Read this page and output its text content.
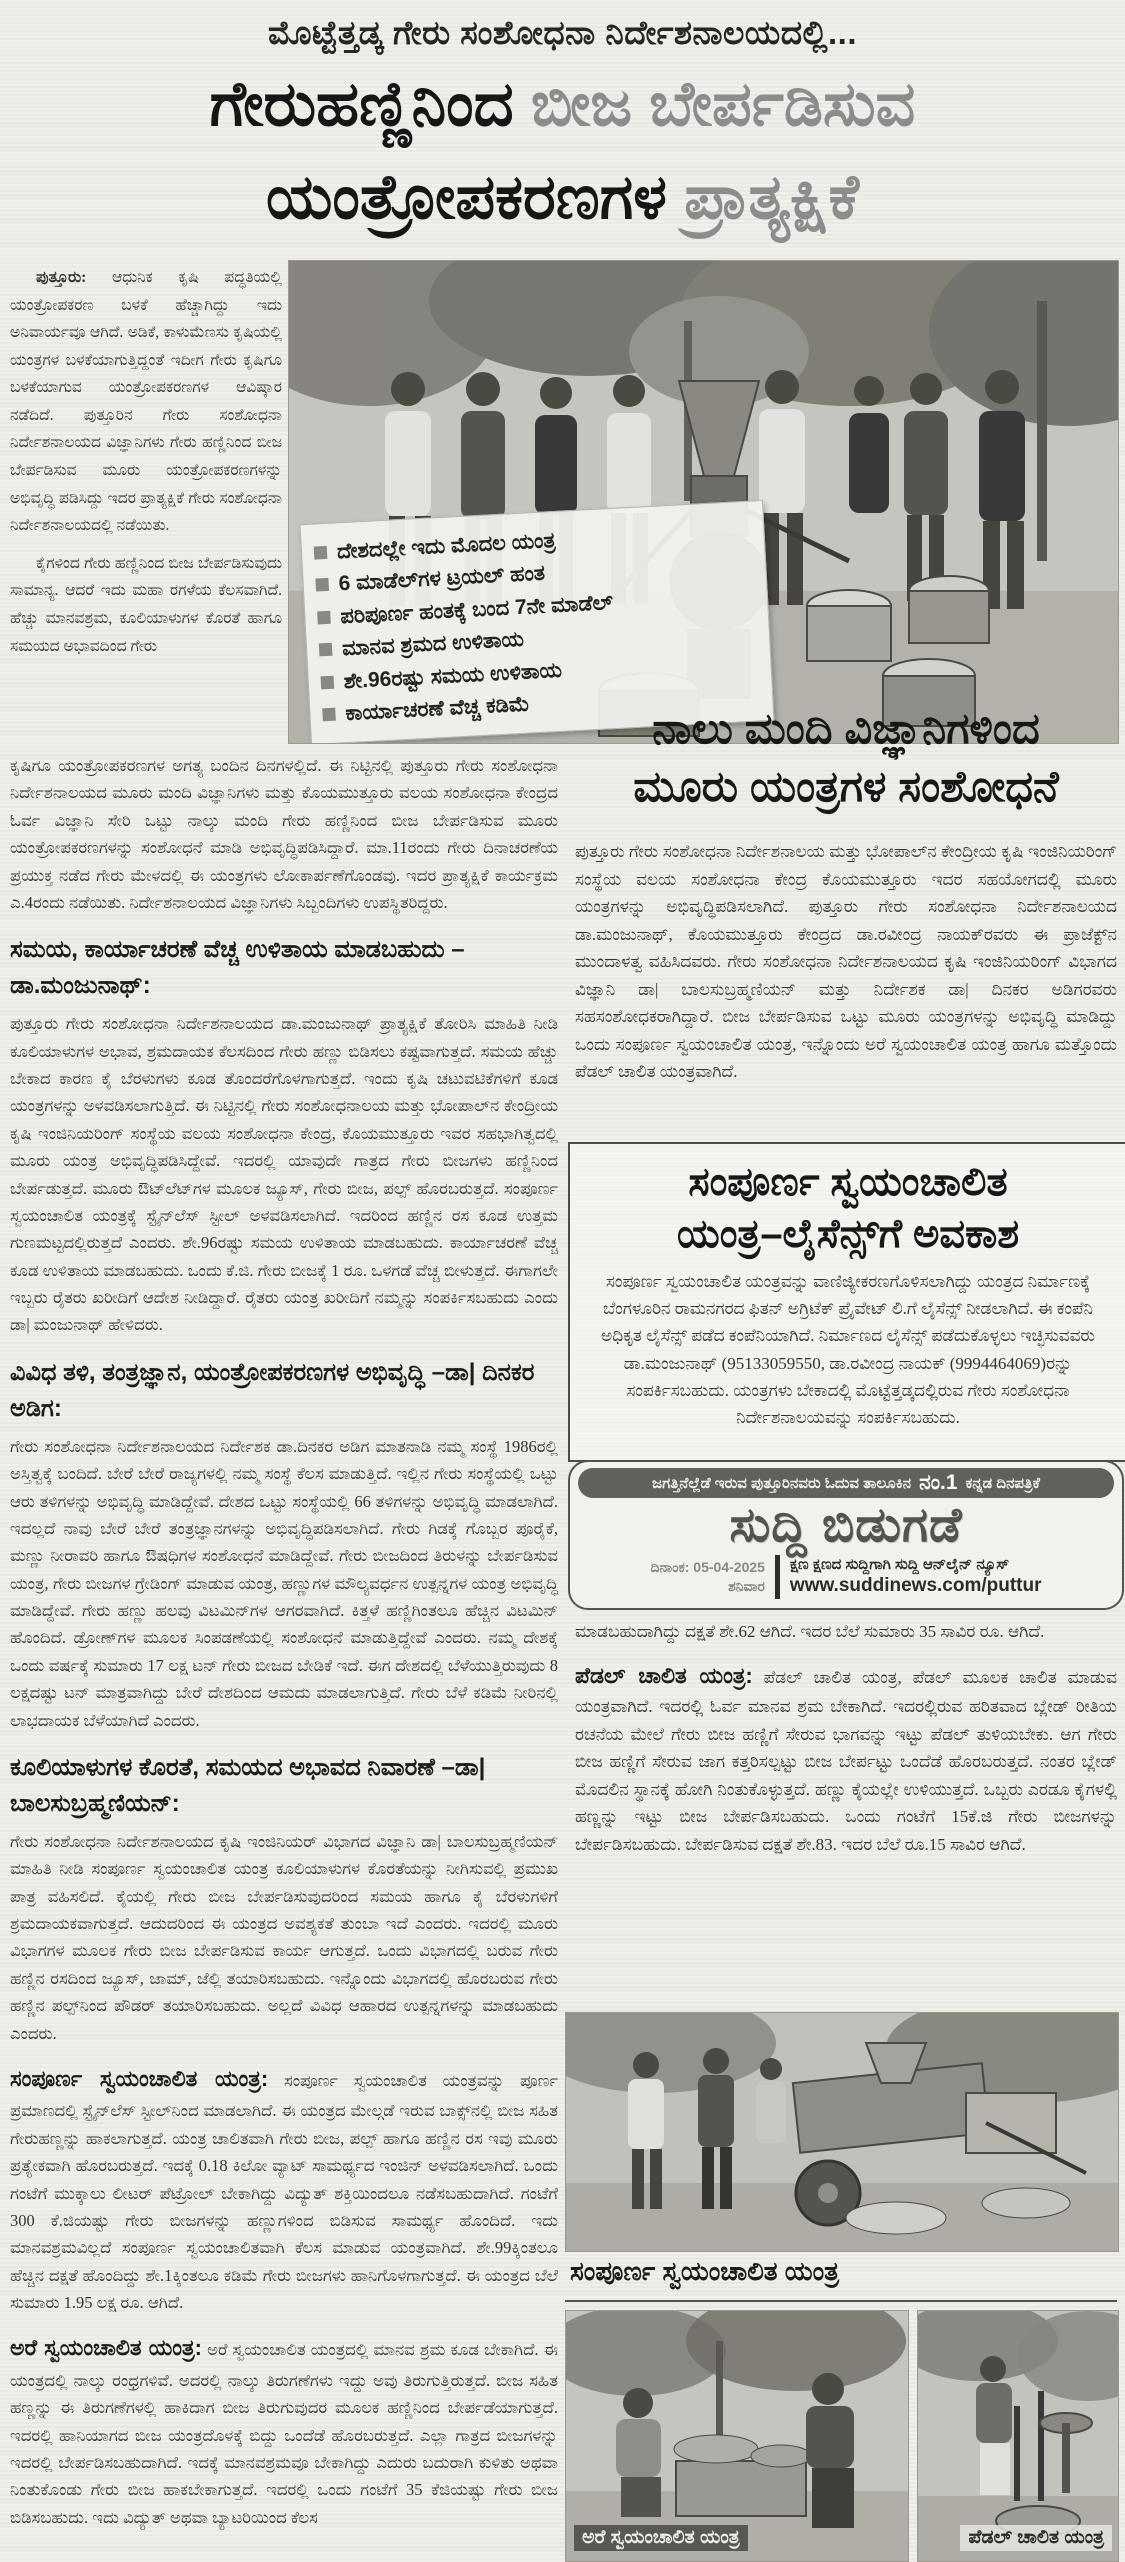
ಮೊಟ್ಟೆತ್ತಡ್ಕ ಗೇರು ಸಂಶೋಧನಾ ನಿರ್ದೇಶನಾಲಯದಲ್ಲಿ...
ಗೇರುಹಣ್ಣಿನಿಂದ ಬೀಜ ಬೇರ್ಪಡಿಸುವ
ಯಂತ್ರೋಪಕರಣಗಳ ಪ್ರಾತ್ಯಕ್ಷಿಕೆ

ಪುತ್ತೂರು: ಆಧುನಿಕ ಕೃಷಿ ಪದ್ಧತಿಯಲ್ಲಿ ಯಂತ್ರೋಪಕರಣ ಬಳಕೆ ಹೆಚ್ಚಾಗಿದ್ದು ಇದು ಅನಿವಾರ್ಯವೂ ಆಗಿದೆ. ಅಡಿಕೆ, ಕಾಳುಮೆಣಸು ಕೃಷಿಯಲ್ಲಿ ಯಂತ್ರಗಳ ಬಳಕೆಯಾಗುತ್ತಿದ್ದಂತೆ ಇದೀಗ ಗೇರು ಕೃಷಿಗೂ ಬಳಕೆಯಾಗುವ ಯಂತ್ರೋಪಕರಣಗಳ ಆವಿಷ್ಕಾರ ನಡೆದಿದೆ. ಪುತ್ತೂರಿನ ಗೇರು ಸಂಶೋಧನಾ ನಿರ್ದೇಶನಾಲಯದ ವಿಜ್ಞಾನಿಗಳು ಗೇರು ಹಣ್ಣಿನಿಂದ ಬೀಜ ಬೇರ್ಪಡಿಸುವ ಮೂರು ಯಂತ್ರೋಪಕರಣಗಳನ್ನು ಅಭಿವೃದ್ಧಿ ಪಡಿಸಿದ್ದು ಇದರ ಪ್ರಾತ್ಯಕ್ಷಿಕೆ ಗೇರು ಸಂಶೋಧನಾ ನಿರ್ದೇಶನಾಲಯದಲ್ಲಿ ನಡೆಯಿತು.

ಕೈಗಳಿಂದ ಗೇರು ಹಣ್ಣಿನಿಂದ ಬೀಜ ಬೇರ್ಪಡಿಸುವುದು ಸಾಮಾನ್ಯ. ಆದರೆ ಇದು ಮಹಾ ರಗಳೆಯ ಕೆಲಸವಾಗಿದೆ. ಹೆಚ್ಚು ಮಾನವಶ್ರಮ, ಕೂಲಿಯಾಳುಗಳ ಕೊರತೆ ಹಾಗೂ ಸಮಯದ ಅಭಾವದಿಂದ ಗೇರು

ದೇಶದಲ್ಲೇ ಇದು ಮೊದಲ ಯಂತ್ರ
6 ಮಾಡೆಲ್‌ಗಳ ಟ್ರಯಲ್ ಹಂತ
ಪರಿಪೂರ್ಣ ಹಂತಕ್ಕೆ ಬಂದ 7ನೇ ಮಾಡೆಲ್
ಮಾನವ ಶ್ರಮದ ಉಳಿತಾಯ
ಶೇ.96ರಷ್ಟು ಸಮಯ ಉಳಿತಾಯ
ಕಾರ್ಯಾಚರಣೆ ವೆಚ್ಚ ಕಡಿಮೆ

ಕೃಷಿಗೂ ಯಂತ್ರೋಪಕರಣಗಳ ಅಗತ್ಯ ಬಂದಿನ ದಿನಗಳಲ್ಲಿದೆ. ಈ ನಿಟ್ಟಿನಲ್ಲಿ ಪುತ್ತೂರು ಗೇರು ಸಂಶೋಧನಾ ನಿರ್ದೇಶನಾಲಯದ ಮೂರು ಮಂದಿ ವಿಜ್ಞಾನಿಗಳು ಮತ್ತು ಕೊಯಮುತ್ತೂರು ವಲಯ ಸಂಶೋಧನಾ ಕೇಂದ್ರದ ಓರ್ವ ವಿಜ್ಞಾನಿ ಸೇರಿ ಒಟ್ಟು ನಾಲ್ಕು ಮಂದಿ ಗೇರು ಹಣ್ಣಿನಿಂದ ಬೀಜ ಬೇರ್ಪಡಿಸುವ ಮೂರು ಯಂತ್ರೋಪಕರಣಗಳನ್ನು ಸಂಶೋಧನೆ ಮಾಡಿ ಅಭಿವೃದ್ಧಿಪಡಿಸಿದ್ದಾರೆ. ಮಾ.11ರಂದು ಗೇರು ದಿನಾಚರಣೆಯ ಪ್ರಯುಕ್ತ ನಡೆದ ಗೇರು ಮೇಳದಲ್ಲಿ ಈ ಯಂತ್ರಗಳು ಲೋಕಾರ್ಪಣೆಗೊಂಡವು. ಇದರ ಪ್ರಾತ್ಯಕ್ಷಿಕೆ ಕಾರ್ಯಕ್ರಮ ಎ.4ರಂದು ನಡೆಯಿತು. ನಿರ್ದೇಶನಾಲಯದ ವಿಜ್ಞಾನಿಗಳು ಸಿಬ್ಬಂದಿಗಳು ಉಪಸ್ಥಿತರಿದ್ದರು.

ಸಮಯ, ಕಾರ್ಯಾಚರಣೆ ವೆಚ್ಚ ಉಳಿತಾಯ ಮಾಡಬಹುದು –ಡಾ.ಮಂಜುನಾಥ್:

ಪುತ್ತೂರು ಗೇರು ಸಂಶೋಧನಾ ನಿರ್ದೇಶನಾಲಯದ ಡಾ.ಮಂಜುನಾಥ್ ಪ್ರಾತ್ಯಕ್ಷಿಕೆ ತೋರಿಸಿ ಮಾಹಿತಿ ನೀಡಿ ಕೂಲಿಯಾಳುಗಳ ಅಭಾವ, ಶ್ರಮದಾಯಕ ಕೆಲಸದಿಂದ ಗೇರು ಹಣ್ಣು ಬಿಡಿಸಲು ಕಷ್ಟವಾಗುತ್ತದೆ. ಸಮಯ ಹೆಚ್ಚು ಬೇಕಾದ ಕಾರಣ ಕೈ ಬೆರಳುಗಳು ಕೂಡ ತೊಂದರೆಗೊಳಗಾಗುತ್ತದೆ. ಇಂದು ಕೃಷಿ ಚಟುವಟಿಕೆಗಳಿಗೆ ಕೂಡ ಯಂತ್ರಗಳನ್ನು ಅಳವಡಿಸಲಾಗುತ್ತಿದೆ. ಈ ನಿಟ್ಟಿನಲ್ಲಿ ಗೇರು ಸಂಶೋಧನಾಲಯ ಮತ್ತು ಭೋಪಾಲ್‌ನ ಕೇಂದ್ರೀಯ ಕೃಷಿ ಇಂಜಿನಿಯರಿಂಗ್ ಸಂಸ್ಥೆಯ ವಲಯ ಸಂಶೋಧನಾ ಕೇಂದ್ರ, ಕೊಯಮುತ್ತೂರು ಇವರ ಸಹಭಾಗಿತ್ವದಲ್ಲಿ ಮೂರು ಯಂತ್ರ ಅಭಿವೃದ್ಧಿಪಡಿಸಿದ್ದೇವೆ. ಇದರಲ್ಲಿ ಯಾವುದೇ ಗಾತ್ರದ ಗೇರು ಬೀಜಗಳು ಹಣ್ಣಿನಿಂದ ಬೇರ್ಪಡುತ್ತದೆ. ಮೂರು ಔಟ್‌ಲೆಟ್‌ಗಳ ಮೂಲಕ ಜ್ಯೂಸ್, ಗೇರು ಬೀಜ, ಪಲ್ಪ್ ಹೊರಬರುತ್ತದೆ. ಸಂಪೂರ್ಣ ಸ್ವಯಂಚಾಲಿತ ಯಂತ್ರಕ್ಕೆ ಸ್ಟೈನ್‌ಲೆಸ್ ಸ್ಟೀಲ್ ಅಳವಡಿಸಲಾಗಿದೆ. ಇದರಿಂದ ಹಣ್ಣಿನ ರಸ ಕೂಡ ಉತ್ತಮ ಗುಣಮಟ್ಟದಲ್ಲಿರುತ್ತದೆ ಎಂದರು. ಶೇ.96ರಷ್ಟು ಸಮಯ ಉಳಿತಾಯ ಮಾಡಬಹುದು. ಕಾರ್ಯಾಚರಣೆ ವೆಚ್ಚ ಕೂಡ ಉಳಿತಾಯ ಮಾಡಬಹುದು. ಒಂದು ಕೆ.ಜಿ. ಗೇರು ಬೀಜಕ್ಕೆ 1 ರೂ. ಒಳಗಡೆ ವೆಚ್ಚ ಬೀಳುತ್ತದೆ. ಈಗಾಗಲೇ ಇಬ್ಬರು ರೈತರು ಖರೀದಿಗೆ ಆದೇಶ ನೀಡಿದ್ದಾರೆ. ರೈತರು ಯಂತ್ರ ಖರೀದಿಗೆ ನಮ್ಮನ್ನು ಸಂಪರ್ಕಿಸಬಹುದು ಎಂದು ಡಾ| ಮಂಜುನಾಥ್ ಹೇಳಿದರು.

ವಿವಿಧ ತಳಿ, ತಂತ್ರಜ್ಞಾನ, ಯಂತ್ರೋಪಕರಣಗಳ ಅಭಿವೃದ್ಧಿ –ಡಾ| ದಿನಕರ ಅಡಿಗ:

ಗೇರು ಸಂಶೋಧನಾ ನಿರ್ದೇಶನಾಲಯದ ನಿರ್ದೇಶಕ ಡಾ.ದಿನಕರ ಅಡಿಗ ಮಾತನಾಡಿ ನಮ್ಮ ಸಂಸ್ಥೆ 1986ರಲ್ಲಿ ಅಸ್ತಿತ್ವಕ್ಕೆ ಬಂದಿದೆ. ಬೇರೆ ಬೇರೆ ರಾಜ್ಯಗಳಲ್ಲಿ ನಮ್ಮ ಸಂಸ್ಥೆ ಕೆಲಸ ಮಾಡುತ್ತಿದೆ. ಇಲ್ಲಿನ ಗೇರು ಸಂಸ್ಥೆಯಲ್ಲಿ ಒಟ್ಟು ಆರು ತಳಿಗಳನ್ನು ಅಭಿವೃದ್ಧಿ ಮಾಡಿದ್ದೇವೆ. ದೇಶದ ಒಟ್ಟು ಸಂಸ್ಥೆಯಲ್ಲಿ 66 ತಳಿಗಳನ್ನು ಅಭಿವೃದ್ಧಿ ಮಾಡಲಾಗಿದೆ. ಇದಲ್ಲದೆ ನಾವು ಬೇರೆ ಬೇರೆ ತಂತ್ರಜ್ಞಾನಗಳನ್ನು ಅಭಿವೃದ್ಧಿಪಡಿಸಲಾಗಿದೆ. ಗೇರು ಗಿಡಕ್ಕೆ ಗೊಬ್ಬರ ಪೂರೈಕೆ, ಮಣ್ಣು ನೀರಾವರಿ ಹಾಗೂ ಔಷಧಿಗಳ ಸಂಶೋಧನೆ ಮಾಡಿದ್ದೇವೆ. ಗೇರು ಬೀಜದಿಂದ ತಿರುಳನ್ನು ಬೇರ್ಪಡಿಸುವ ಯಂತ್ರ, ಗೇರು ಬೀಜಗಳ ಗ್ರೇಡಿಂಗ್ ಮಾಡುವ ಯಂತ್ರ, ಹಣ್ಣುಗಳ ಮೌಲ್ಯವರ್ಧನ ಉತ್ಪನ್ನಗಳ ಯಂತ್ರ ಅಭಿವೃದ್ಧಿ ಮಾಡಿದ್ದೇವೆ. ಗೇರು ಹಣ್ಣು ಹಲವು ವಿಟಮಿನ್‌ಗಳ ಆಗರವಾಗಿದೆ. ಕಿತ್ತಳೆ ಹಣ್ಣಿಗಿಂತಲೂ ಹೆಚ್ಚಿನ ವಿಟಮಿನ್ ಹೊಂದಿದೆ. ಡ್ರೋಣ್‌ಗಳ ಮೂಲಕ ಸಿಂಪಡಣೆಯಲ್ಲಿ ಸಂಶೋಧನೆ ಮಾಡುತ್ತಿದ್ದೇವೆ ಎಂದರು. ನಮ್ಮ ದೇಶಕ್ಕೆ ಒಂದು ವರ್ಷಕ್ಕೆ ಸುಮಾರು 17 ಲಕ್ಷ ಟನ್ ಗೇರು ಬೀಜದ ಬೇಡಿಕೆ ಇದೆ. ಈಗ ದೇಶದಲ್ಲಿ ಬೆಳೆಯುತ್ತಿರುವುದು 8 ಲಕ್ಷದಷ್ಟು ಟನ್ ಮಾತ್ರವಾಗಿದ್ದು ಬೇರೆ ದೇಶದಿಂದ ಆಮದು ಮಾಡಲಾಗುತ್ತಿದೆ. ಗೇರು ಬೆಳೆ ಕಡಿಮೆ ನೀರಿನಲ್ಲಿ ಲಾಭದಾಯಕ ಬೆಳೆಯಾಗಿದೆ ಎಂದರು.

ಕೂಲಿಯಾಳುಗಳ ಕೊರತೆ, ಸಮಯದ ಅಭಾವದ ನಿವಾರಣೆ –ಡಾ| ಬಾಲಸುಬ್ರಹ್ಮಣಿಯನ್:

ಗೇರು ಸಂಶೋಧನಾ ನಿರ್ದೇಶನಾಲಯದ ಕೃಷಿ ಇಂಜಿನಿಯರ್ ವಿಭಾಗದ ವಿಜ್ಞಾನಿ ಡಾ| ಬಾಲಸುಬ್ರಹ್ಮಣಿಯನ್ ಮಾಹಿತಿ ನೀಡಿ ಸಂಪೂರ್ಣ ಸ್ವಯಂಚಾಲಿತ ಯಂತ್ರ ಕೂಲಿಯಾಳುಗಳ ಕೊರತೆಯನ್ನು ನೀಗಿಸುವಲ್ಲಿ ಪ್ರಮುಖ ಪಾತ್ರ ವಹಿಸಲಿದೆ. ಕೈಯಲ್ಲಿ ಗೇರು ಬೀಜ ಬೇರ್ಪಡಿಸುವುದರಿಂದ ಸಮಯ ಹಾಗೂ ಕೈ ಬೆರಳುಗಳಿಗೆ ಶ್ರಮದಾಯಕವಾಗುತ್ತದೆ. ಆದುದರಿಂದ ಈ ಯಂತ್ರದ ಅವಶ್ಯಕತೆ ತುಂಬಾ ಇದೆ ಎಂದರು. ಇದರಲ್ಲಿ ಮೂರು ವಿಭಾಗಗಳ ಮೂಲಕ ಗೇರು ಬೀಜ ಬೇರ್ಪಡಿಸುವ ಕಾರ್ಯ ಆಗುತ್ತದೆ. ಒಂದು ವಿಭಾಗದಲ್ಲಿ ಬರುವ ಗೇರು ಹಣ್ಣಿನ ರಸದಿಂದ ಜ್ಯೂಸ್, ಜಾಮ್, ಜೆಲ್ಲಿ ತಯಾರಿಸಬಹುದು. ಇನ್ನೊಂದು ವಿಭಾಗದಲ್ಲಿ ಹೊರಬರುವ ಗೇರು ಹಣ್ಣಿನ ಪಲ್ಪ್‌ನಿಂದ ಪೌಡರ್ ತಯಾರಿಸಬಹುದು. ಅಲ್ಲದೆ ವಿವಿಧ ಆಹಾರದ ಉತ್ಪನ್ನಗಳನ್ನು ಮಾಡಬಹುದು ಎಂದರು.

ಸಂಪೂರ್ಣ ಸ್ವಯಂಚಾಲಿತ ಯಂತ್ರ: ಸಂಪೂರ್ಣ ಸ್ವಯಂಚಾಲಿತ ಯಂತ್ರವನ್ನು ಪೂರ್ಣ ಪ್ರಮಾಣದಲ್ಲಿ ಸ್ಟೈನ್‌ಲೆಸ್ ಸ್ಟೀಲ್‌ನಿಂದ ಮಾಡಲಾಗಿದೆ. ಈ ಯಂತ್ರದ ಮೇಲ್ಗಡೆ ಇರುವ ಬಾಕ್ಸ್‌ನಲ್ಲಿ ಬೀಜ ಸಹಿತ ಗೇರುಹಣ್ಣನ್ನು ಹಾಕಲಾಗುತ್ತದೆ. ಯಂತ್ರ ಚಾಲಿತವಾಗಿ ಗೇರು ಬೀಜ, ಪಲ್ಪ್ ಹಾಗೂ ಹಣ್ಣಿನ ರಸ ಇವು ಮೂರು ಪ್ರತ್ಯೇಕವಾಗಿ ಹೊರಬರುತ್ತದೆ. ಇದಕ್ಕೆ 0.18 ಕಿಲೋ ವ್ಯಾಟ್ ಸಾಮರ್ಥ್ಯದ ಇಂಜಿನ್ ಅಳವಡಿಸಲಾಗಿದೆ. ಒಂದು ಗಂಟೆಗೆ ಮುಕ್ಕಾಲು ಲೀಟರ್ ಪೆಟ್ರೋಲ್ ಬೇಕಾಗಿದ್ದು ವಿದ್ಯುತ್ ಶಕ್ತಿಯಿಂದಲೂ ನಡೆಸಬಹುದಾಗಿದೆ. ಗಂಟೆಗೆ 300 ಕೆ.ಜಿಯಷ್ಟು ಗೇರು ಬೀಜಗಳನ್ನು ಹಣ್ಣುಗಳಿಂದ ಬಿಡಿಸುವ ಸಾಮರ್ಥ್ಯ ಹೊಂದಿದೆ. ಇದು ಮಾನವಶ್ರಮವಿಲ್ಲದೆ ಸಂಪೂರ್ಣ ಸ್ವಯಂಚಾಲಿತವಾಗಿ ಕೆಲಸ ಮಾಡುವ ಯಂತ್ರವಾಗಿದೆ. ಶೇ.99ಕ್ಕಿಂತಲೂ ಹೆಚ್ಚಿನ ದಕ್ಷತೆ ಹೊಂದಿದ್ದು ಶೇ.1ಕ್ಕಿಂತಲೂ ಕಡಿಮೆ ಗೇರು ಬೀಜಗಳು ಹಾನಿಗೊಳಗಾಗುತ್ತದೆ. ಈ ಯಂತ್ರದ ಬೆಲೆ ಸುಮಾರು 1.95 ಲಕ್ಷ ರೂ. ಆಗಿದೆ.

ಅರೆ ಸ್ವಯಂಚಾಲಿತ ಯಂತ್ರ: ಅರೆ ಸ್ವಯಂಚಾಲಿತ ಯಂತ್ರದಲ್ಲಿ ಮಾನವ ಶ್ರಮ ಕೂಡ ಬೇಕಾಗಿದೆ. ಈ ಯಂತ್ರದಲ್ಲಿ ನಾಲ್ಕು ರಂಧ್ರಗಳಿವೆ. ಅದರಲ್ಲಿ ನಾಲ್ಕು ತಿರುಗಣೆಗಳು ಇದ್ದು ಅವು ತಿರುಗುತ್ತಿರುತ್ತದೆ. ಬೀಜ ಸಹಿತ ಹಣ್ಣನ್ನು ಈ ತಿರುಗಣೆಗಳಲ್ಲಿ ಹಾಕಿದಾಗ ಬೀಜ ತಿರುಗುವುದರ ಮೂಲಕ ಹಣ್ಣಿನಿಂದ ಬೇರ್ಪಡೆಯಾಗುತ್ತದೆ. ಇದರಲ್ಲಿ ಹಾನಿಯಾಗದ ಬೀಜ ಯಂತ್ರದೊಳಕ್ಕೆ ಬಿದ್ದು ಒಂದೆಡೆ ಹೊರಬರುತ್ತದೆ. ಎಲ್ಲಾ ಗಾತ್ರದ ಬೀಜಗಳನ್ನು ಇದರಲ್ಲಿ ಬೇರ್ಪಡಿಸಬಹುದಾಗಿದೆ. ಇದಕ್ಕೆ ಮಾನವಶ್ರಮವೂ ಬೇಕಾಗಿದ್ದು ಎದುರು ಬದುರಾಗಿ ಕುಳಿತು ಅಥವಾ ನಿಂತುಕೊಂಡು ಗೇರು ಬೀಜ ಹಾಕಬೇಕಾಗುತ್ತದೆ. ಇದರಲ್ಲಿ ಒಂದು ಗಂಟೆಗೆ 35 ಕೆಜಿಯಷ್ಟು ಗೇರು ಬೀಜ ಬಿಡಿಸಬಹುದು. ಇದು ವಿದ್ಯುತ್ ಅಥವಾ ಬ್ಯಾಟರಿಯಿಂದ ಕೆಲಸ

ನಾಲು ಮಂದಿ ವಿಜ್ಞಾನಿಗಳಿಂದ
ಮೂರು ಯಂತ್ರಗಳ ಸಂಶೋಧನೆ
ಪುತ್ತೂರು ಗೇರು ಸಂಶೋಧನಾ ನಿರ್ದೇಶನಾಲಯ ಮತ್ತು ಭೋಪಾಲ್‌ನ ಕೇಂದ್ರೀಯ ಕೃಷಿ ಇಂಜಿನಿಯರಿಂಗ್ ಸಂಸ್ಥೆಯ ವಲಯ ಸಂಶೋಧನಾ ಕೇಂದ್ರ ಕೊಯಮುತ್ತೂರು ಇದರ ಸಹಯೋಗದಲ್ಲಿ ಮೂರು ಯಂತ್ರಗಳನ್ನು ಅಭಿವೃದ್ಧಿಪಡಿಸಲಾಗಿದೆ. ಪುತ್ತೂರು ಗೇರು ಸಂಶೋಧನಾ ನಿರ್ದೇಶನಾಲಯದ ಡಾ.ಮಂಜುನಾಥ್, ಕೊಯಮುತ್ತೂರು ಕೇಂದ್ರದ ಡಾ.ರವೀಂದ್ರ ನಾಯಕ್‌ರವರು ಈ ಪ್ರಾಜೆಕ್ಟ್‌ನ ಮುಂದಾಳತ್ವ ವಹಿಸಿದವರು. ಗೇರು ಸಂಶೋಧನಾ ನಿರ್ದೇಶನಾಲಯದ ಕೃಷಿ ಇಂಜಿನಿಯರಿಂಗ್ ವಿಭಾಗದ ವಿಜ್ಞಾನಿ ಡಾ| ಬಾಲಸುಬ್ರಹ್ಮಣಿಯನ್ ಮತ್ತು ನಿರ್ದೇಶಕ ಡಾ| ದಿನಕರ ಅಡಿಗರವರು ಸಹಸಂಶೋಧಕರಾಗಿದ್ದಾರೆ. ಬೀಜ ಬೇರ್ಪಡಿಸುವ ಒಟ್ಟು ಮೂರು ಯಂತ್ರಗಳನ್ನು ಅಭಿವೃದ್ಧಿ ಮಾಡಿದ್ದು ಒಂದು ಸಂಪೂರ್ಣ ಸ್ವಯಂಚಾಲಿತ ಯಂತ್ರ, ಇನ್ನೊಂದು ಅರೆ ಸ್ವಯಂಚಾಲಿತ ಯಂತ್ರ ಹಾಗೂ ಮತ್ತೊಂದು ಪೆಡಲ್ ಚಾಲಿತ ಯಂತ್ರವಾಗಿದೆ.
ಸಂಪೂರ್ಣ ಸ್ವಯಂಚಾಲಿತ
ಯಂತ್ರ–ಲೈಸೆನ್ಸ್‌ಗೆ ಅವಕಾಶ
ಸಂಪೂರ್ಣ ಸ್ವಯಂಚಾಲಿತ ಯಂತ್ರವನ್ನು ವಾಣಿಜ್ಯೀಕರಣಗೊಳಿಸಲಾಗಿದ್ದು ಯಂತ್ರದ ನಿರ್ಮಾಣಕ್ಕೆ ಬೆಂಗಳೂರಿನ ರಾಮನಗರದ ಫಿತನ್ ಅಗ್ರಿಟೆಕ್ ಪ್ರೈವೇಟ್ ಲಿ.ಗೆ ಲೈಸೆನ್ಸ್ ನೀಡಲಾಗಿದೆ. ಈ ಕಂಪೆನಿ ಅಧಿಕೃತ ಲೈಸೆನ್ಸ್ ಪಡೆದ ಕಂಪೆನಿಯಾಗಿದೆ. ನಿರ್ಮಾಣದ ಲೈಸೆನ್ಸ್ ಪಡೆದುಕೊಳ್ಳಲು ಇಚ್ಛಿಸುವವರು ಡಾ.ಮಂಜುನಾಥ್ (95133059550, ಡಾ.ರವೀಂದ್ರ ನಾಯಕ್ (9994464069)ರನ್ನು ಸಂಪರ್ಕಿಸಬಹುದು. ಯಂತ್ರಗಳು ಬೇಕಾದಲ್ಲಿ ಮೊಟ್ಟೆತ್ತಡ್ಕದಲ್ಲಿರುವ ಗೇರು ಸಂಶೋಧನಾ ನಿರ್ದೇಶನಾಲಯವನ್ನು ಸಂಪರ್ಕಿಸಬಹುದು.
ಜಗತ್ತಿನೆಲ್ಲೆಡೆ ಇರುವ ಪುತ್ತೂರಿನವರು ಓದುವ ತಾಲೂಕಿನ ನಂ.1 ಕನ್ನಡ ದಿನಪತ್ರಿಕೆ
ಸುದ್ದಿ ಬಿಡುಗಡೆ
ದಿನಾಂಕ: 05-04-2025
ಶನಿವಾರ
ಕ್ಷಣ ಕ್ಷಣದ ಸುದ್ದಿಗಾಗಿ ಸುದ್ದಿ ಆನ್‌ಲೈನ್ ನ್ಯೂಸ್
www.suddinews.com/puttur

ಮಾಡಬಹುದಾಗಿದ್ದು ದಕ್ಷತೆ ಶೇ.62 ಆಗಿದೆ. ಇದರ ಬೆಲೆ ಸುಮಾರು 35 ಸಾವಿರ ರೂ. ಆಗಿದೆ.

ಪೆಡಲ್ ಚಾಲಿತ ಯಂತ್ರ: ಪೆಡಲ್ ಚಾಲಿತ ಯಂತ್ರ, ಪೆಡಲ್ ಮೂಲಕ ಚಾಲಿತ ಮಾಡುವ ಯಂತ್ರವಾಗಿದೆ. ಇದರಲ್ಲಿ ಓರ್ವ ಮಾನವ ಶ್ರಮ ಬೇಕಾಗಿದೆ. ಇದರಲ್ಲಿರುವ ಹರಿತವಾದ ಬ್ಲೇಡ್ ರೀತಿಯ ರಚನೆಯ ಮೇಲೆ ಗೇರು ಬೀಜ ಹಣ್ಣಿಗೆ ಸೇರುವ ಭಾಗವನ್ನು ಇಟ್ಟು ಪೆಡಲ್ ತುಳಿಯಬೇಕು. ಆಗ ಗೇರು ಬೀಜ ಹಣ್ಣಿಗೆ ಸೇರುವ ಜಾಗ ಕತ್ತರಿಸಲ್ಪಟ್ಟು ಬೀಜ ಬೇರ್ಪಟ್ಟು ಒಂದೆಡೆ ಹೊರಬರುತ್ತದೆ. ನಂತರ ಬ್ಲೇಡ್ ಮೊದಲಿನ ಸ್ಥಾನಕ್ಕೆ ಹೋಗಿ ನಿಂತುಕೊಳ್ಳುತ್ತದೆ. ಹಣ್ಣು ಕೈಯಲ್ಲೇ ಉಳಿಯುತ್ತದೆ. ಒಬ್ಬರು ಎರಡೂ ಕೈಗಳಲ್ಲಿ ಹಣ್ಣನ್ನು ಇಟ್ಟು ಬೀಜ ಬೇರ್ಪಡಿಸಬಹುದು. ಒಂದು ಗಂಟೆಗೆ 15ಕೆ.ಜಿ ಗೇರು ಬೀಜಗಳನ್ನು ಬೇರ್ಪಡಿಸಬಹುದು. ಬೇರ್ಪಡಿಸುವ ದಕ್ಷತೆ ಶೇ.83. ಇದರ ಬೆಲೆ ರೂ.15 ಸಾವಿರ ಆಗಿದೆ.

ಸಂಪೂರ್ಣ ಸ್ವಯಂಚಾಲಿತ ಯಂತ್ರ
ಅರೆ ಸ್ವಯಂಚಾಲಿತ ಯಂತ್ರ	ಪೆಡಲ್ ಚಾಲಿತ ಯಂತ್ರ
